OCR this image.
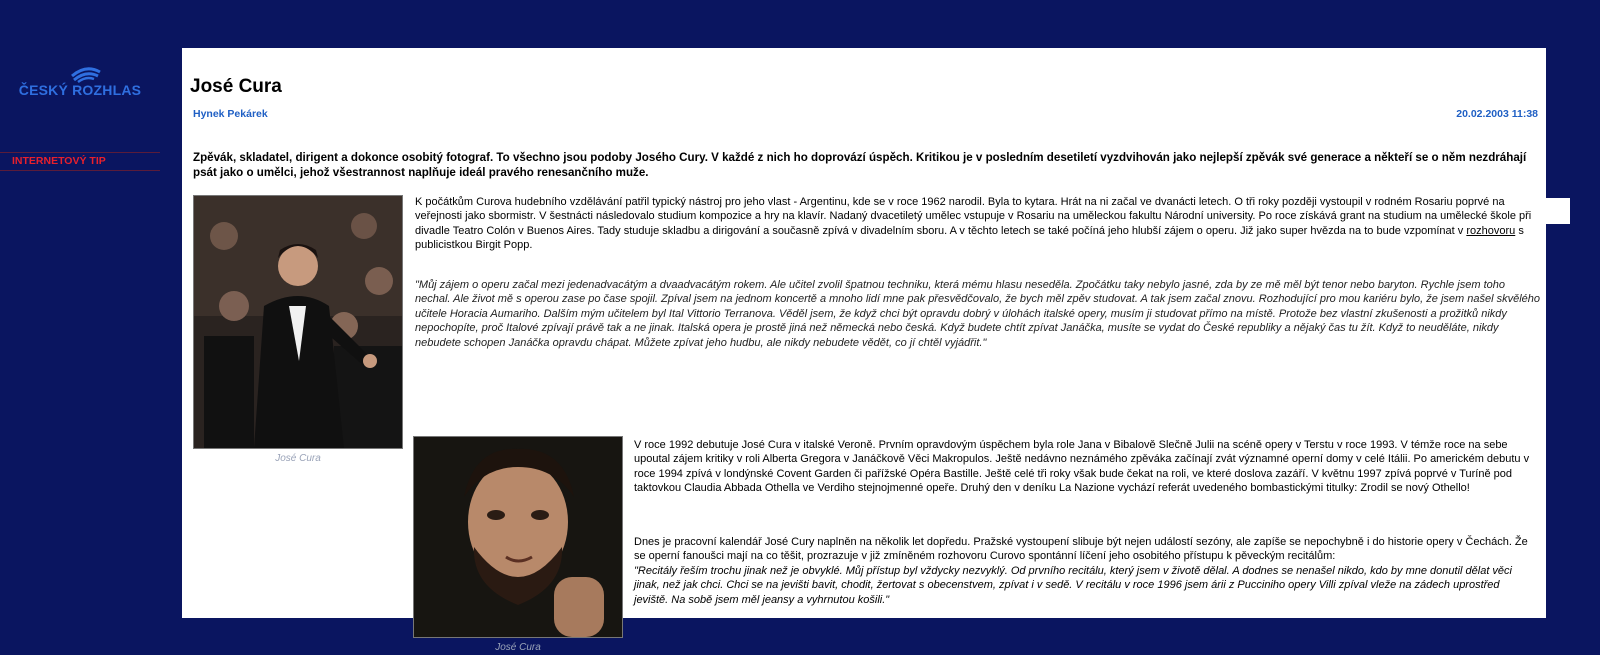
ČESKÝ ROZHLAS
INTERNETOVÝ TIP
José Cura
Hynek Pekárek	20.02.2003 11:38

Zpěvák, skladatel, dirigent a dokonce osobitý fotograf. To všechno jsou podoby Josého Cury. V každé z nich ho doprovází úspěch. Kritikou je v posledním desetiletí vyzdvihován jako nejlepší zpěvák své generace a někteří se o něm nezdráhají psát jako o umělci, jehož všestrannost naplňuje ideál pravého renesančního muže.

José Cura

K počátkům Curova hudebního vzdělávání patřil typický nástroj pro jeho vlast - Argentinu, kde se v roce 1962 narodil. Byla to kytara. Hrát na ni začal ve dvanácti letech. O tři roky později vystoupil v rodném Rosariu poprvé na veřejnosti jako sbormistr. V šestnácti následovalo studium kompozice a hry na klavír. Nadaný dvacetiletý umělec vstupuje v Rosariu na uměleckou fakultu Národní university. Po roce získává grant na studium na umělecké škole při divadle Teatro Colón v Buenos Aires. Tady studuje skladbu a dirigování a současně zpívá v divadelním sboru. A v těchto letech se také počíná jeho hlubší zájem o operu. Již jako super hvězda na to bude vzpomínat v rozhovoru s publicistkou Birgit Popp.

"Můj zájem o operu začal mezi jedenadvacátým a dvaadvacátým rokem. Ale učitel zvolil špatnou techniku, která mému hlasu neseděla. Zpočátku taky nebylo jasné, zda by ze mě měl být tenor nebo baryton. Rychle jsem toho nechal. Ale život mě s operou zase po čase spojil. Zpíval jsem na jednom koncertě a mnoho lidí mne pak přesvědčovalo, že bych měl zpěv studovat. A tak jsem začal znovu. Rozhodující pro mou kariéru bylo, že jsem našel skvělého učitele Horacia Aumariho. Dalším mým učitelem byl Ital Vittorio Terranova. Věděl jsem, že když chci být opravdu dobrý v úlohách italské opery, musím ji studovat přímo na místě. Protože bez vlastní zkušenosti a prožitků nikdy nepochopíte, proč Italové zpívají právě tak a ne jinak. Italská opera je prostě jiná než německá nebo česká. Když budete chtít zpívat Janáčka, musíte se vydat do České republiky a nějaký čas tu žít. Když to neuděláte, nikdy nebudete schopen Janáčka opravdu chápat. Můžete zpívat jeho hudbu, ale nikdy nebudete vědět, co jí chtěl vyjádřit."

José Cura

V roce 1992 debutuje José Cura v italské Veroně. Prvním opravdovým úspěchem byla role Jana v Bibalově Slečně Julii na scéně opery v Terstu v roce 1993. V témže roce na sebe upoutal zájem kritiky v roli Alberta Gregora v Janáčkově Věci Makropulos. Ještě nedávno neznámého zpěváka začínají zvát významné operní domy v celé Itálii. Po americkém debutu v roce 1994 zpívá v londýnské Covent Garden či pařížské Opéra Bastille. Ještě celé tři roky však bude čekat na roli, ve které doslova zazáří. V květnu 1997 zpívá poprvé v Turíně pod taktovkou Claudia Abbada Othella ve Verdiho stejnojmenné opeře. Druhý den v deníku La Nazione vychází referát uvedeného bombastickými titulky: Zrodil se nový Othello!

Dnes je pracovní kalendář José Cury naplněn na několik let dopředu. Pražské vystoupení slibuje být nejen událostí sezóny, ale zapíše se nepochybně i do historie opery v Čechách. Že se operní fanoušci mají na co těšit, prozrazuje v již zmíněném rozhovoru Curovo spontánní líčení jeho osobitého přístupu k pěveckým recitálům:
"Recitály řeším trochu jinak než je obvyklé. Můj přístup byl vždycky nezvyklý. Od prvního recitálu, který jsem v životě dělal. A dodnes se nenašel nikdo, kdo by mne donutil dělat věci jinak, než jak chci. Chci se na jevišti bavit, chodit, žertovat s obecenstvem, zpívat i v sedě. V recitálu v roce 1996 jsem árii z Pucciniho opery Villi zpíval vleže na zádech uprostřed jeviště. Na sobě jsem měl jeansy a vyhrnutou košili."
